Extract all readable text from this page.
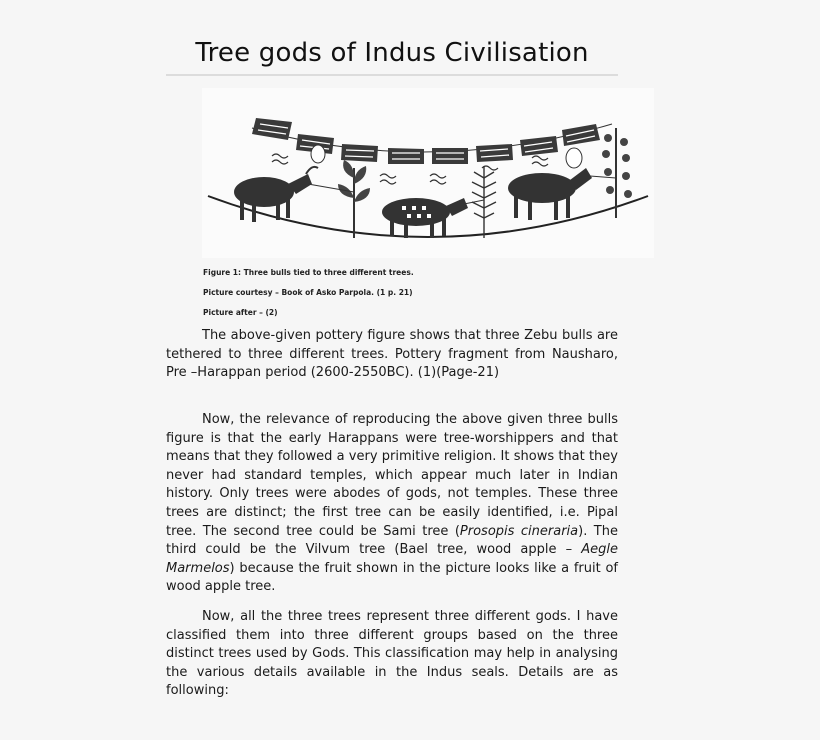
Tree gods of Indus Civilisation
Figure 1: Three bulls tied to three different trees.
Picture courtesy – Book of Asko Parpola. (1 p. 21)
Picture after – (2)

The above-given pottery figure shows that three Zebu bulls are tethered to three different trees. Pottery fragment from Nausharo, Pre –Harappan period (2600-2550BC). (1)(Page-21)

Now, the relevance of reproducing the above given three bulls figure is that the early Harappans were tree-worshippers and that means that they followed a very primitive religion. It shows that they never had standard temples, which appear much later in Indian history. Only trees were abodes of gods, not temples. These three trees are distinct; the first tree can be easily identified, i.e. Pipal tree. The second tree could be Sami tree (Prosopis cineraria). The third could be the Vilvum tree (Bael tree, wood apple – Aegle Marmelos) because the fruit shown in the picture looks like a fruit of wood apple tree.

Now, all the three trees represent three different gods. I have classified them into three different groups based on the three distinct trees used by Gods. This classification may help in analysing the various details available in the Indus seals. Details are as following:
